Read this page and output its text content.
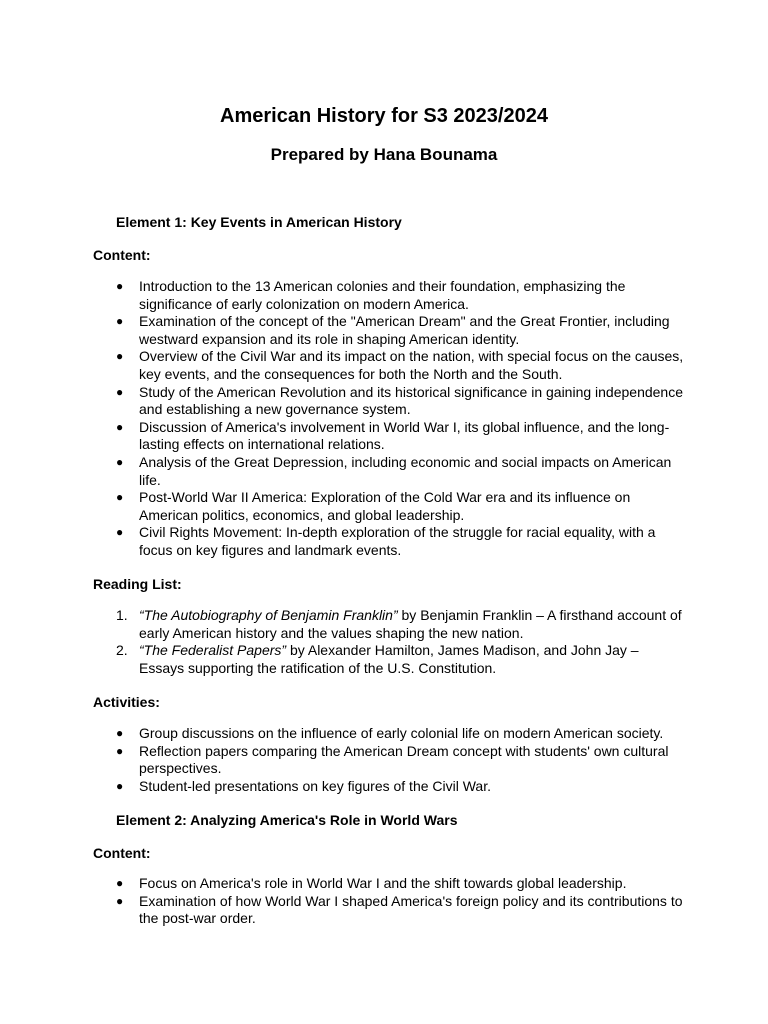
American History for S3 2023/2024
Prepared by Hana Bounama
Element 1: Key Events in American History
Content:
●	Introduction to the 13 American colonies and their foundation, emphasizing the significance of early colonization on modern America.
●	Examination of the concept of the "American Dream" and the Great Frontier, including westward expansion and its role in shaping American identity.
●	Overview of the Civil War and its impact on the nation, with special focus on the causes, key events, and the consequences for both the North and the South.
●	Study of the American Revolution and its historical significance in gaining independence and establishing a new governance system.
●	Discussion of America's involvement in World War I, its global influence, and the long-lasting effects on international relations.
●	Analysis of the Great Depression, including economic and social impacts on American life.
●	Post-World War II America: Exploration of the Cold War era and its influence on American politics, economics, and global leadership.
●	Civil Rights Movement: In-depth exploration of the struggle for racial equality, with a focus on key figures and landmark events.
Reading List:
1. “The Autobiography of Benjamin Franklin” by Benjamin Franklin – A firsthand account of early American history and the values shaping the new nation.
2. “The Federalist Papers” by Alexander Hamilton, James Madison, and John Jay – Essays supporting the ratification of the U.S. Constitution.
Activities:
●	Group discussions on the influence of early colonial life on modern American society.
●	Reflection papers comparing the American Dream concept with students' own cultural perspectives.
●	Student-led presentations on key figures of the Civil War.
Element 2: Analyzing America's Role in World Wars
Content:
●	Focus on America's role in World War I and the shift towards global leadership.
●	Examination of how World War I shaped America's foreign policy and its contributions to the post-war order.
